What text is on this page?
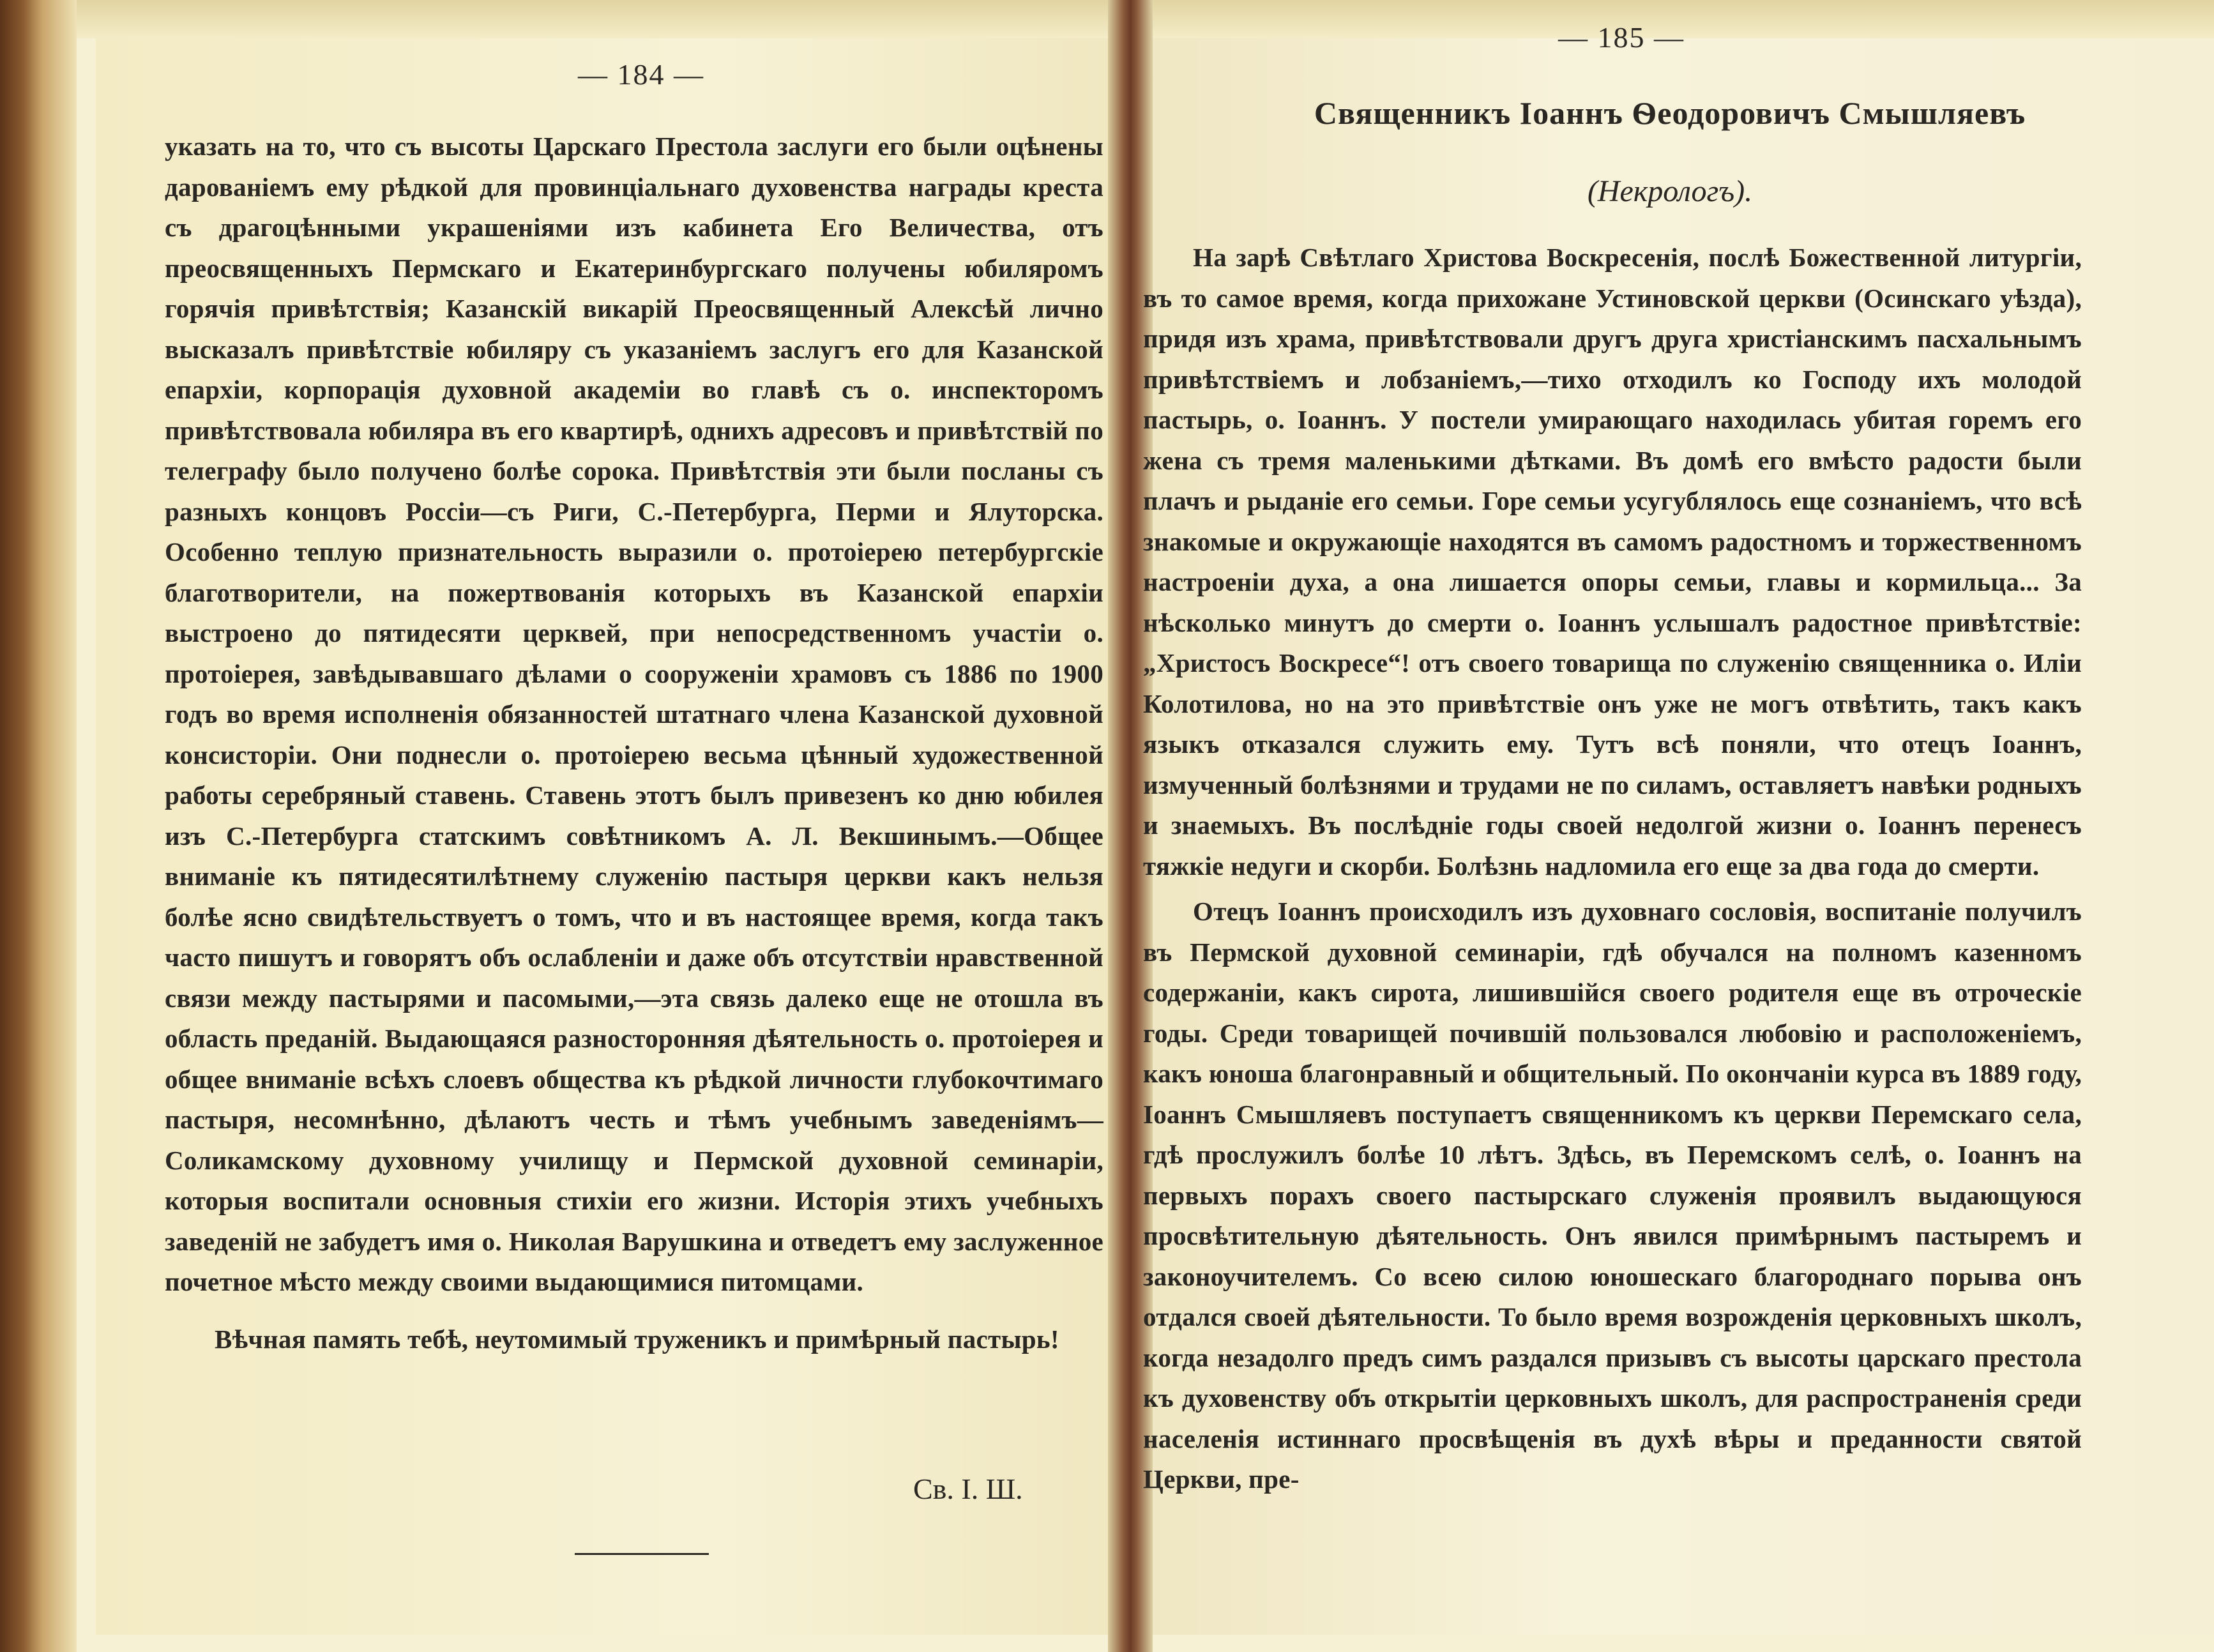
— 184 —

указать на то, что съ высоты Царскаго Престола заслуги его были оцѣнены дарованіемъ ему рѣдкой для провинціальнаго духовенства награды креста съ драгоцѣнными украшеніями изъ кабинета Его Величества, отъ преосвященныхъ Пермскаго и Екатеринбургскаго получены юбиляромъ горячія привѣтствія; Казанскій викарій Преосвященный Алексѣй лично высказалъ привѣтствіе юбиляру съ указаніемъ заслугъ его для Казанской епархіи, корпорація духовной академіи во главѣ съ о. инспекторомъ привѣтствовала юбиляра въ его квартирѣ, однихъ адресовъ и привѣтствій по телеграфу было получено болѣе сорока. Привѣтствія эти были посланы съ разныхъ концовъ Россіи—съ Риги, С.-Петербурга, Перми и Ялуторска. Особенно теплую признательность выразили о. протоіерею петербургскіе благотворители, на пожертвованія которыхъ въ Казанской епархіи выстроено до пятидесяти церквей, при непосредственномъ участіи о. протоіерея, завѣдывавшаго дѣлами о сооруженіи храмовъ съ 1886 по 1900 годъ во время исполненія обязанностей штатнаго члена Казанской духовной консисторіи. Они поднесли о. протоіерею весьма цѣнный художественной работы серебряный ставень. Ставень этотъ былъ привезенъ ко дню юбилея изъ С.-Петербурга статскимъ совѣтникомъ А. Л. Векшинымъ.—Общее вниманіе къ пятидесятилѣтнему служенію пастыря церкви какъ нельзя болѣе ясно свидѣтельствуетъ о томъ, что и въ настоящее время, когда такъ часто пишутъ и говорятъ объ ослабленіи и даже объ отсутствіи нравственной связи между пастырями и пасомыми,—эта связь далеко еще не отошла въ область преданій. Выдающаяся разносторонняя дѣятельность о. протоіерея и общее вниманіе всѣхъ слоевъ общества къ рѣдкой личности глубокочтимаго пастыря, несомнѣнно, дѣлаютъ честь и тѣмъ учебнымъ заведеніямъ—Соликамскому духовному училищу и Пермской духовной семинаріи, которыя воспитали основныя стихіи его жизни. Исторія этихъ учебныхъ заведеній не забудетъ имя о. Николая Варушкина и отведетъ ему заслуженное почетное мѣсто между своими выдающимися питомцами.

Вѣчная память тебѣ, неутомимый труженикъ и примѣрный пастырь!

Св. I. Ш.
— 185 —
Священникъ Іоаннъ Ѳеодоровичъ Смышляевъ
(Некрологъ).

На зарѣ Свѣтлаго Христова Воскресенія, послѣ Божественной литургіи, въ то самое время, когда прихожане Устиновской церкви (Осинскаго уѣзда), придя изъ храма, привѣтствовали другъ друга христіанскимъ пасхальнымъ привѣтствіемъ и лобзаніемъ,—тихо отходилъ ко Господу ихъ молодой пастырь, о. Іоаннъ. У постели умирающаго находилась убитая горемъ его жена съ тремя маленькими дѣтками. Въ домѣ его вмѣсто радости были плачъ и рыданіе его семьи. Горе семьи усугублялось еще сознаніемъ, что всѣ знакомые и окружающіе находятся въ самомъ радостномъ и торжественномъ настроеніи духа, а она лишается опоры семьи, главы и кормильца... За нѣсколько минутъ до смерти о. Іоаннъ услышалъ радостное привѣтствіе: „Христосъ Воскресе“! отъ своего товарища по служенію священника о. Иліи Колотилова, но на это привѣтствіе онъ уже не могъ отвѣтить, такъ какъ языкъ отказался служить ему. Тутъ всѣ поняли, что отецъ Іоаннъ, измученный болѣзнями и трудами не по силамъ, оставляетъ навѣки родныхъ и знаемыхъ. Въ послѣдніе годы своей недолгой жизни о. Іоаннъ перенесъ тяжкіе недуги и скорби. Болѣзнь надломила его еще за два года до смерти.

Отецъ Іоаннъ происходилъ изъ духовнаго сословія, воспитаніе получилъ въ Пермской духовной семинаріи, гдѣ обучался на полномъ казенномъ содержаніи, какъ сирота, лишившійся своего родителя еще въ отроческіе годы. Среди товарищей почившій пользовался любовію и расположеніемъ, какъ юноша благонравный и общительный. По окончаніи курса въ 1889 году, Іоаннъ Смышляевъ поступаетъ священникомъ къ церкви Перемскаго села, гдѣ прослужилъ болѣе 10 лѣтъ. Здѣсь, въ Перемскомъ селѣ, о. Іоаннъ на первыхъ порахъ своего пастырскаго служенія проявилъ выдающуюся просвѣтительную дѣятельность. Онъ явился примѣрнымъ пастыремъ и законоучителемъ. Со всею силою юношескаго благороднаго порыва онъ отдался своей дѣятельности. То было время возрожденія церковныхъ школъ, когда незадолго предъ симъ раздался призывъ съ высоты царскаго престола къ духовенству объ открытіи церковныхъ школъ, для распространенія среди населенія истиннаго просвѣщенія въ духѣ вѣры и преданности святой Церкви, пре-
